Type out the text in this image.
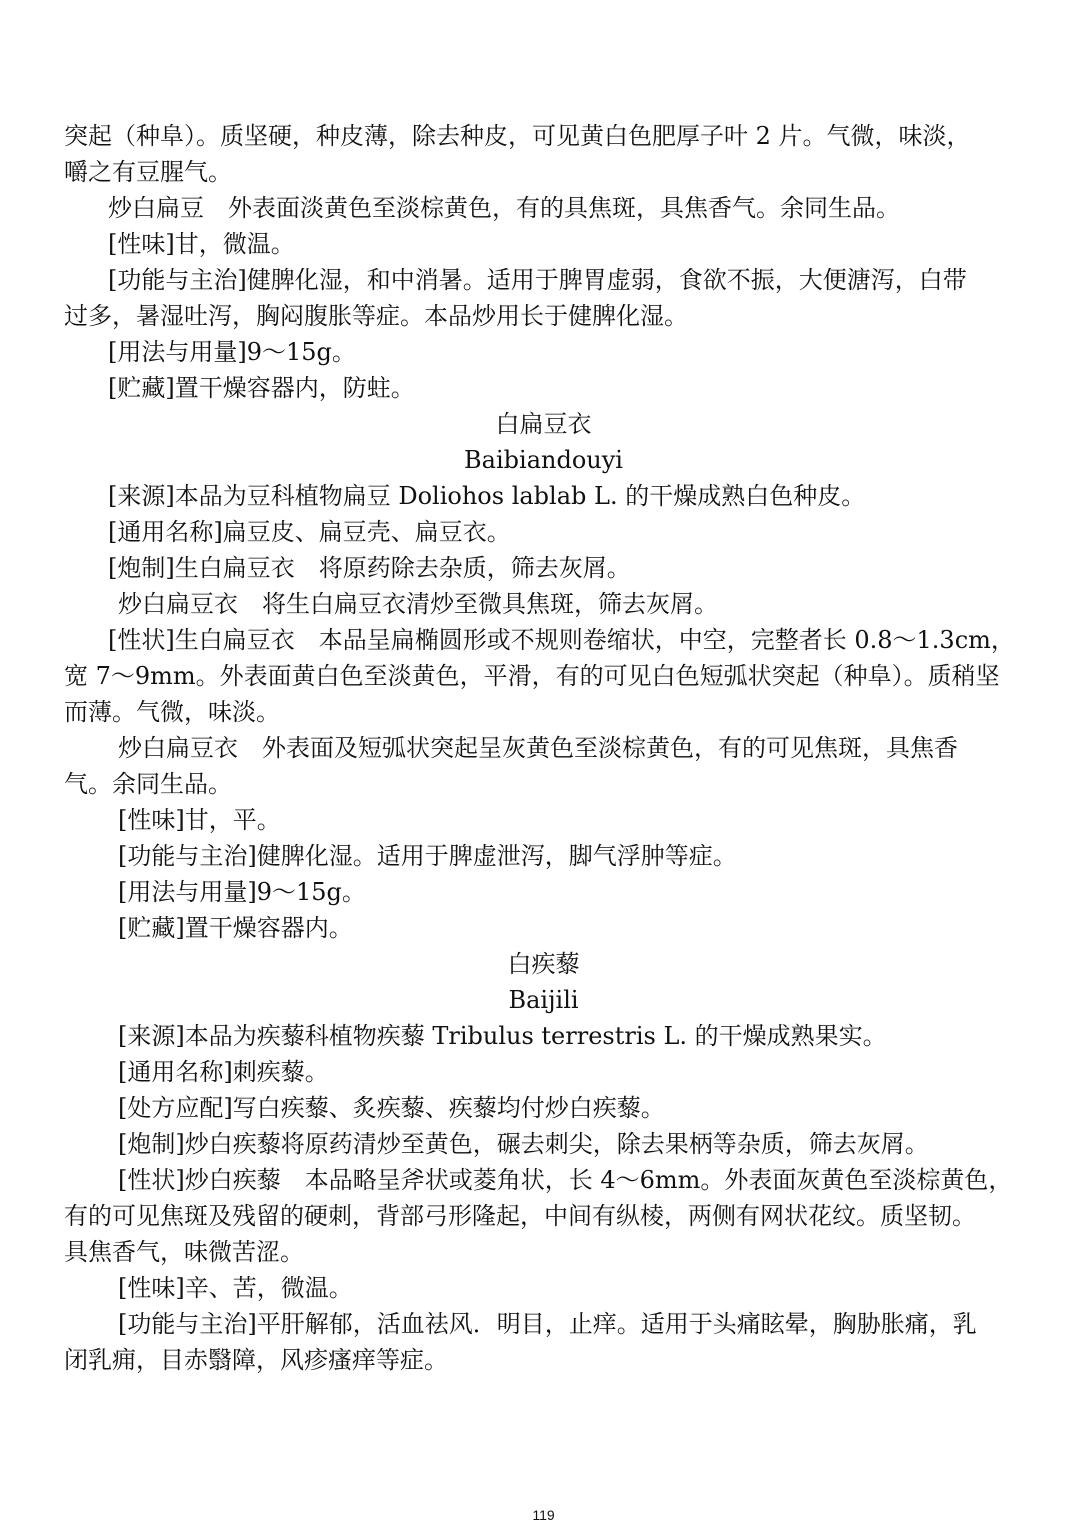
突起（种阜）。质坚硬，种皮薄，除去种皮，可见黄白色肥厚子叶 2 片。气微，味淡，
嚼之有豆腥气。
炒白扁豆　外表面淡黄色至淡棕黄色，有的具焦斑，具焦香气。余同生品。
[性味]甘，微温。
[功能与主治]健脾化湿，和中消暑。适用于脾胃虚弱，食欲不振，大便溏泻，白带
过多，暑湿吐泻，胸闷腹胀等症。本品炒用长于健脾化湿。
[用法与用量]9～15g。
[贮藏]置干燥容器内，防蛀。
白扁豆衣
Baibiandouyi
[来源]本品为豆科植物扁豆 Doliohos lablab L. 的干燥成熟白色种皮。
[通用名称]扁豆皮、扁豆壳、扁豆衣。
[炮制]生白扁豆衣　将原药除去杂质，筛去灰屑。
炒白扁豆衣　将生白扁豆衣清炒至微具焦斑，筛去灰屑。
[性状]生白扁豆衣　本品呈扁椭圆形或不规则卷缩状，中空，完整者长 0.8～1.3cm，
宽 7～9mm。外表面黄白色至淡黄色，平滑，有的可见白色短弧状突起（种阜）。质稍坚
而薄。气微，味淡。
炒白扁豆衣　外表面及短弧状突起呈灰黄色至淡棕黄色，有的可见焦斑，具焦香
气。余同生品。
[性味]甘，平。
[功能与主治]健脾化湿。适用于脾虚泄泻，脚气浮肿等症。
[用法与用量]9～15g。
[贮藏]置干燥容器内。
白疾藜
Baijili
[来源]本品为疾藜科植物疾藜 Tribulus terrestris L. 的干燥成熟果实。
[通用名称]刺疾藜。
[处方应配]写白疾藜、炙疾藜、疾藜均付炒白疾藜。
[炮制]炒白疾藜将原药清炒至黄色，碾去刺尖，除去果柄等杂质，筛去灰屑。
[性状]炒白疾藜　本品略呈斧状或菱角状，长 4～6mm。外表面灰黄色至淡棕黄色，
有的可见焦斑及残留的硬刺，背部弓形隆起，中间有纵棱，两侧有网状花纹。质坚韧。
具焦香气，味微苦涩。
[性味]辛、苦，微温。
[功能与主治]平肝解郁，活血祛风．明目，止痒。适用于头痛眩晕，胸胁胀痛，乳
闭乳痈，目赤翳障，风疹瘙痒等症。
119
